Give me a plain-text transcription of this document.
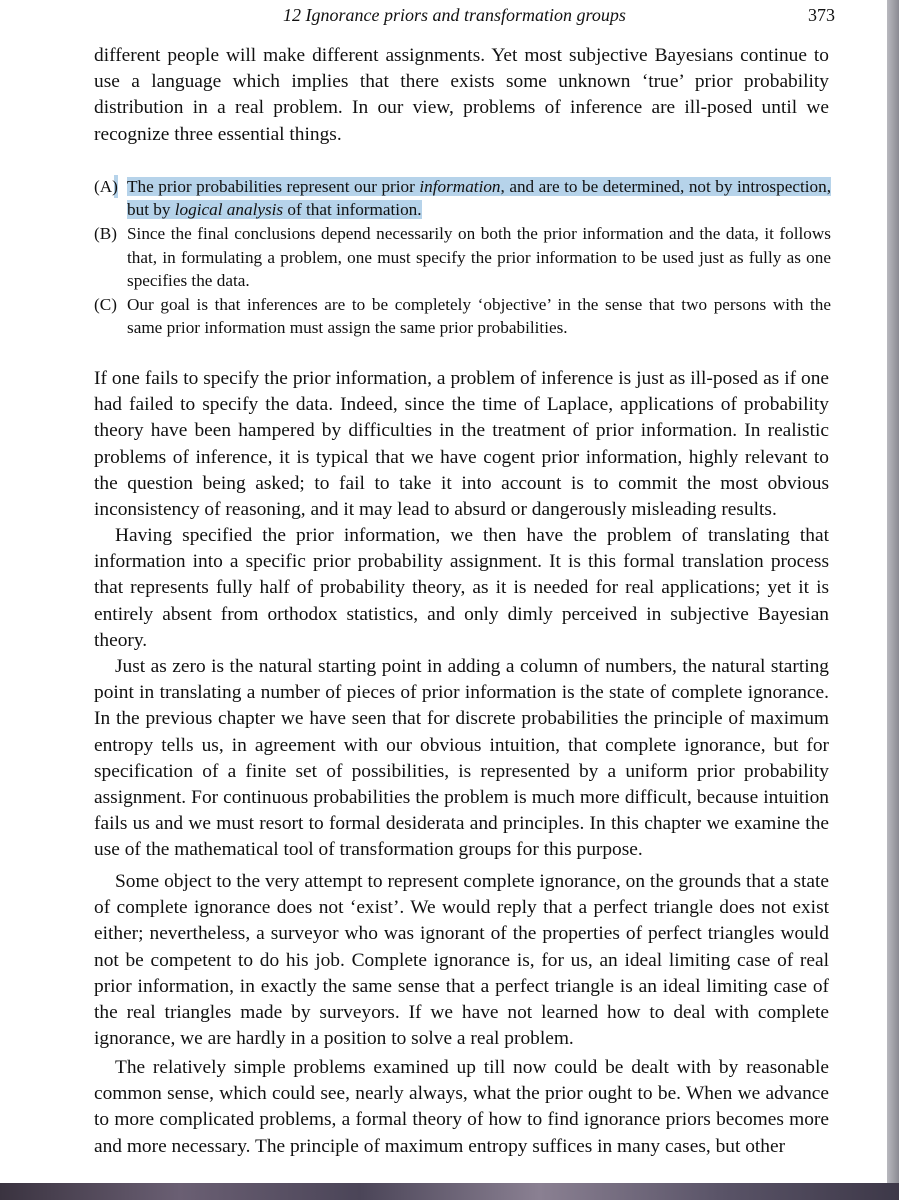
12 Ignorance priors and transformation groups	373

different people will make different assignments. Yet most subjective Bayesians continue to use a language which implies that there exists some unknown ‘true’ prior probability distribution in a real problem. In our view, problems of inference are ill-posed until we recognize three essential things.

(A) The prior probabilities represent our prior information, and are to be determined, not by introspection, but by logical analysis of that information.

(B) Since the final conclusions depend necessarily on both the prior information and the data, it follows that, in formulating a problem, one must specify the prior information to be used just as fully as one specifies the data.

(C) Our goal is that inferences are to be completely ‘objective’ in the sense that two persons with the same prior information must assign the same prior probabilities.

If one fails to specify the prior information, a problem of inference is just as ill-posed as if one had failed to specify the data. Indeed, since the time of Laplace, applications of probability theory have been hampered by difficulties in the treatment of prior information. In realistic problems of inference, it is typical that we have cogent prior information, highly relevant to the question being asked; to fail to take it into account is to commit the most obvious inconsistency of reasoning, and it may lead to absurd or dangerously misleading results.

Having specified the prior information, we then have the problem of translating that information into a specific prior probability assignment. It is this formal translation process that represents fully half of probability theory, as it is needed for real applications; yet it is entirely absent from orthodox statistics, and only dimly perceived in subjective Bayesian theory.

Just as zero is the natural starting point in adding a column of numbers, the natural starting point in translating a number of pieces of prior information is the state of complete ignorance. In the previous chapter we have seen that for discrete probabilities the principle of maximum entropy tells us, in agreement with our obvious intuition, that complete ignorance, but for specification of a finite set of possibilities, is represented by a uniform prior probability assignment. For continuous probabilities the problem is much more difficult, because intuition fails us and we must resort to formal desiderata and principles. In this chapter we examine the use of the mathematical tool of transformation groups for this purpose.

Some object to the very attempt to represent complete ignorance, on the grounds that a state of complete ignorance does not ‘exist’. We would reply that a perfect triangle does not exist either; nevertheless, a surveyor who was ignorant of the properties of perfect triangles would not be competent to do his job. Complete ignorance is, for us, an ideal limiting case of real prior information, in exactly the same sense that a perfect triangle is an ideal limiting case of the real triangles made by surveyors. If we have not learned how to deal with complete ignorance, we are hardly in a position to solve a real problem.

The relatively simple problems examined up till now could be dealt with by reasonable common sense, which could see, nearly always, what the prior ought to be. When we advance to more complicated problems, a formal theory of how to find ignorance priors becomes more and more necessary. The principle of maximum entropy suffices in many cases, but other
